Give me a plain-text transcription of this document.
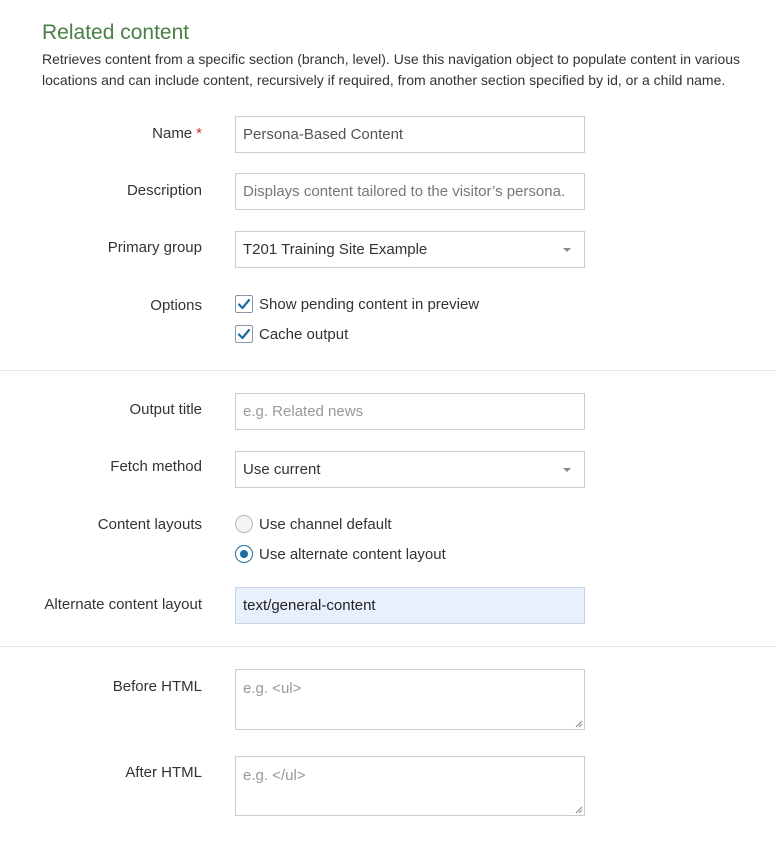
Related content

Retrieves content from a specific section (branch, level). Use this navigation object to populate content in various locations and can include content, recursively if required, from another section specified by id, or a child name.

Name *	Persona-Based Content
Description	Displays content tailored to the visitor’s persona.
Primary group	T201 Training Site Example
Options	Show pending content in preview
Cache output
Output title	e.g. Related news
Fetch method	Use current
Content layouts	Use channel default
Use alternate content layout
Alternate content layout	text/general-content
Before HTML	e.g. <ul>
After HTML	e.g. </ul>
